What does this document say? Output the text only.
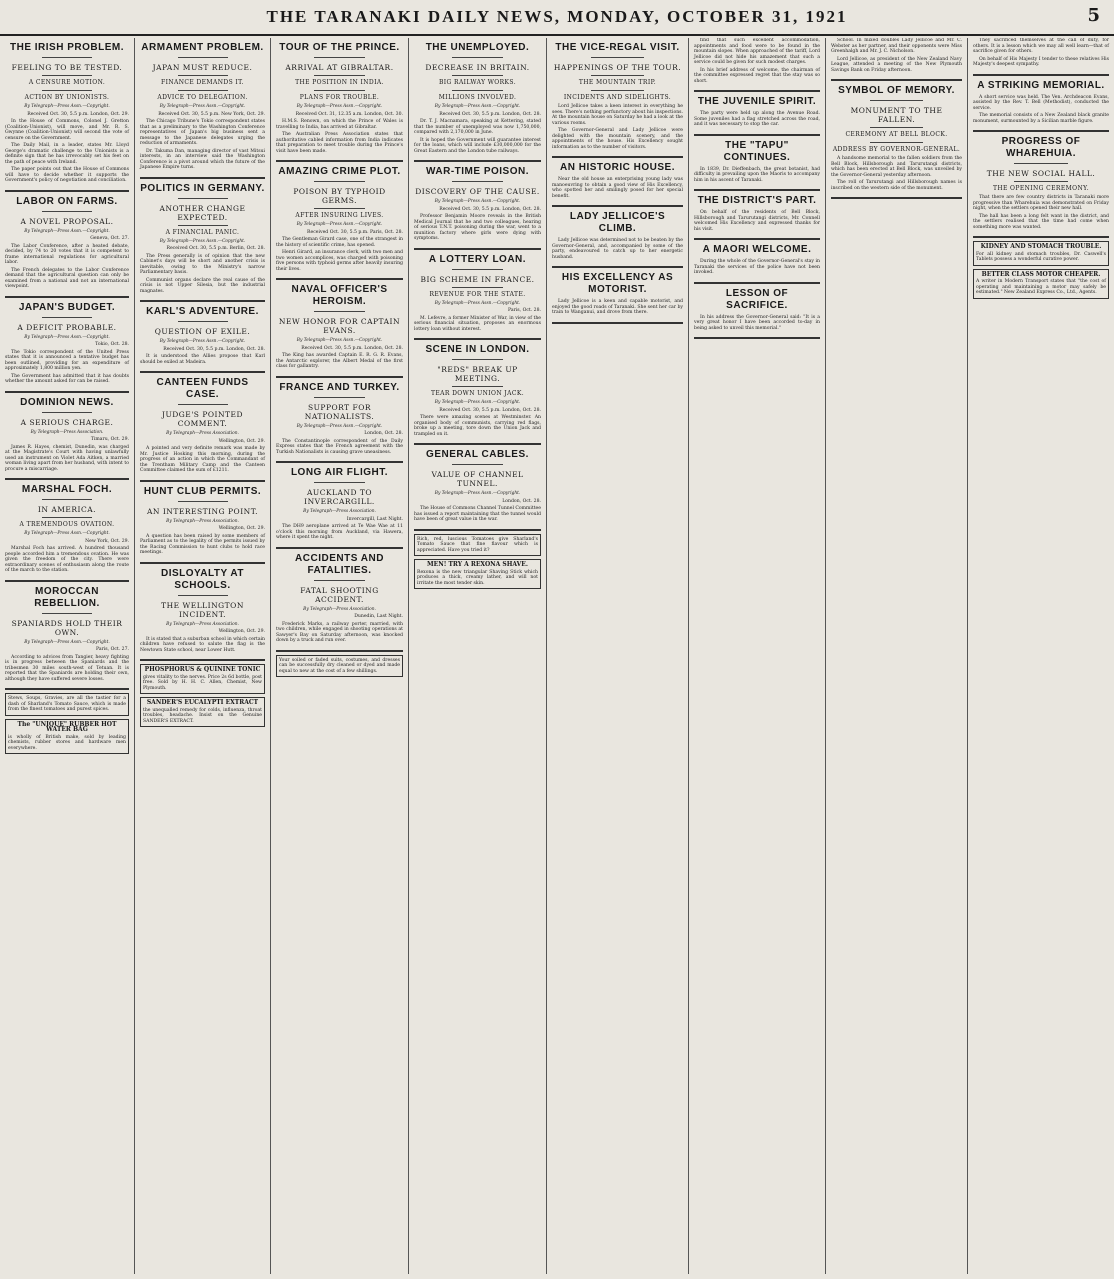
THE TARANAKI DAILY NEWS, MONDAY, OCTOBER 31, 1921	5
THE IRISH PROBLEM.
FEELING TO BE TESTED.
A CENSURE MOTION.
ACTION BY UNIONISTS.
By Telegraph—Press Assn.—Copyright.
Received Oct. 30, 5.5 p.m. London, Oct. 29.

In the House of Commons, Colonel J. Gretton (Coalition-Unionist), will move, and Mr. R. S. Gwynne (Coalition-Unionist) will second the vote of censure on the Government.

The Daily Mail, in a leader, states Mr. Lloyd George's dramatic challenge to the Unionists is a definite sign that he has irrevocably set his feet on the path of peace with Ireland.

The paper points out that the House of Commons will have to decide whether it supports the Government's policy of negotiation and conciliation.

LABOR ON FARMS.
A NOVEL PROPOSAL.
By Telegraph—Press Assn.—Copyright.
Geneva, Oct. 27.

The Labor Conference, after a heated debate, decided, by 74 to 20 votes that it is competent to frame international regulations for agricultural labor.

The French delegates to the Labor Conference demand that the agricultural question can only be examined from a national and not an international viewpoint.

JAPAN'S BUDGET.
A DEFICIT PROBABLE.
By Telegraph—Press Assn.—Copyright.
Tokio, Oct. 28.

The Tokio correspondent of the United Press states that it is announced a tentative budget has been outlined, providing for an expenditure of approximately 1,800 million yen.

The Government has admitted that it has doubts whether the amount asked for can be raised.

DOMINION NEWS.
A SERIOUS CHARGE.
By Telegraph—Press Association.
Timaru, Oct. 29.

James R. Hayes, chemist, Dunedin, was charged at the Magistrate's Court with having unlawfully used an instrument on Violet Ada Aitken, a married woman living apart from her husband, with intent to procure a miscarriage.

MARSHAL FOCH.
IN AMERICA.
A TREMENDOUS OVATION.
By Telegraph—Press Assn.—Copyright.
New York, Oct. 29.

Marshal Foch has arrived. A hundred thousand people accorded him a tremendous ovation. He was given the freedom of the city. There were extraordinary scenes of enthusiasm along the route of the march to the station.

MOROCCAN REBELLION.
SPANIARDS HOLD THEIR OWN.
By Telegraph—Press Assn.—Copyright.
Paris, Oct. 27.

According to advices from Tangier, heavy fighting is in progress between the Spaniards and the tribesmen 30 miles south-west of Tetuan. It is reported that the Spaniards are holding their own, although they have suffered severe losses.

Stews, Soups, Gravies, are all the tastier for a dash of Sharland's Tomato Sauce, which is made from the finest tomatoes and purest spices.
The "UNIQUE" RUBBER HOT WATER BAG
is wholly of British make, sold by leading chemists, rubber stores and hardware men everywhere.
ARMAMENT PROBLEM.
JAPAN MUST REDUCE.
FINANCE DEMANDS IT.
ADVICE TO DELEGATION.
By Telegraph—Press Assn.—Copyright.
Received Oct. 30, 5.5 p.m. New York, Oct. 29.

The Chicago Tribune's Tokio correspondent states that as a preliminary to the Washington Conference representatives of Japan's big business sent a message to the Japanese delegates urging the reduction of armaments.

Dr. Takuma Dan, managing director of vast Mitsui interests, in an interview said the Washington Conference is a pivot around which the future of the Japanese Empire turns.

POLITICS IN GERMANY.
ANOTHER CHANGE EXPECTED.
A FINANCIAL PANIC.
By Telegraph—Press Assn.—Copyright.
Received Oct. 30, 5.5 p.m. Berlin, Oct. 28.

The Press generally is of opinion that the new Cabinet's days will be short and another crisis is inevitable, owing to the Ministry's narrow Parliamentary basis.

Communist organs declare the real cause of the crisis is not Upper Silesia, but the industrial magnates.

KARL'S ADVENTURE.
QUESTION OF EXILE.
By Telegraph—Press Assn.—Copyright.
Received Oct. 30, 5.5 p.m. London, Oct. 28.

It is understood the Allies propose that Karl should be exiled at Madeira.

CANTEEN FUNDS CASE.
JUDGE'S POINTED COMMENT.
By Telegraph—Press Association.
Wellington, Oct. 29.

A pointed and very definite remark was made by Mr. Justice Hosking this morning, during the progress of an action in which the Commandant of the Trentham Military Camp and the Canteen Committee claimed the sum of £1211.

HUNT CLUB PERMITS.
AN INTERESTING POINT.
By Telegraph—Press Association.
Wellington, Oct. 29.

A question has been raised by some members of Parliament as to the legality of the permits issued by the Racing Commission to hunt clubs to hold race meetings.

DISLOYALTY AT SCHOOLS.
THE WELLINGTON INCIDENT.
By Telegraph—Press Association.
Wellington, Oct. 29.

It is stated that a suburban school in which certain children have refused to salute the flag is the Newtown State school, near Lower Hutt.

PHOSPHORUS & QUININE TONIC
gives vitality to the nerves. Price 2s 6d bottle, post free. Sold by H. H. C. Allen, Chemist, New Plymouth.
SANDER'S EUCALYPTI EXTRACT
the unequalled remedy for colds, influenza, throat troubles, headache. Insist on the Genuine SANDER'S EXTRACT.
TOUR OF THE PRINCE.
ARRIVAL AT GIBRALTAR.
THE POSITION IN INDIA.
PLANS FOR TROUBLE.
By Telegraph—Press Assn.—Copyright.
Received Oct. 31, 12.35 a.m. London, Oct. 30.

H.M.S. Renown, on which the Prince of Wales is travelling to India, has arrived at Gibraltar.

The Australian Press Association states that authoritative cabled information from India indicates that preparation to meet trouble during the Prince's visit have been made.

AMAZING CRIME PLOT.
POISON BY TYPHOID GERMS.
AFTER INSURING LIVES.
By Telegraph—Press Assn.—Copyright.
Received Oct. 30, 5.5 p.m. Paris, Oct. 28.

The Gentleman Girard case, one of the strangest in the history of scientific crime, has opened.

Henri Girard, an insurance clerk, with two men and two women accomplices, was charged with poisoning five persons with typhoid germs after heavily insuring their lives.

NAVAL OFFICER'S HEROISM.
NEW HONOR FOR CAPTAIN EVANS.
By Telegraph—Press Assn.—Copyright.
Received Oct. 30, 5.5 p.m. London, Oct. 28.

The King has awarded Captain E. R. G. R. Evans, the Antarctic explorer, the Albert Medal of the first class for gallantry.

FRANCE AND TURKEY.
SUPPORT FOR NATIONALISTS.
By Telegraph—Press Assn.—Copyright.
London, Oct. 28.

The Constantinople correspondent of the Daily Express states that the French agreement with the Turkish Nationalists is causing grave uneasiness.

LONG AIR FLIGHT.
AUCKLAND TO INVERCARGILL.
By Telegraph—Press Association.
Invercargill, Last Night.

The DH9 aeroplane arrived at Te Wae Wae at 11 o'clock this morning from Auckland, via Hawera, where it spent the night.

ACCIDENTS AND FATALITIES.
FATAL SHOOTING ACCIDENT.
By Telegraph—Press Association.
Dunedin, Last Night.

Frederick Marks, a railway porter, married, with two children, while engaged in shooting operations at Sawyer's Bay on Saturday afternoon, was knocked down by a truck and run over.

Your soiled or faded suits, costumes, and dresses can be successfully dry cleaned or dyed and made equal to new at the cost of a few shillings.
THE UNEMPLOYED.
DECREASE IN BRITAIN.
BIG RAILWAY WORKS.
MILLIONS INVOLVED.
By Telegraph—Press Assn.—Copyright.
Received Oct. 30, 5.5 p.m. London, Oct. 28.

Dr. T. J. Macnamara, speaking at Kettering, stated that the number of unemployed was now 1,750,000, compared with 2,170,000 in June.

It is hoped the Government will guarantee interest for the loans, which will include £30,000,000 for the Great Eastern and the London tube railways.

WAR-TIME POISON.
DISCOVERY OF THE CAUSE.
By Telegraph—Press Assn.—Copyright.
Received Oct. 30, 5.5 p.m. London, Oct. 28.

Professor Benjamin Moore reveals in the British Medical Journal that he and two colleagues, hearing of serious T.N.T. poisoning during the war, went to a munition factory where girls were dying with symptoms.

A LOTTERY LOAN.
BIG SCHEME IN FRANCE.
REVENUE FOR THE STATE.
By Telegraph—Press Assn.—Copyright.
Paris, Oct. 28.

M. Lefevre, a former Minister of War, in view of the serious financial situation, proposes an enormous lottery loan without interest.

SCENE IN LONDON.
"REDS" BREAK UP MEETING.
TEAR DOWN UNION JACK.
By Telegraph—Press Assn.—Copyright.
Received Oct. 30, 5.5 p.m. London, Oct. 28.

There were amazing scenes at Westminster. An organised body of communists, carrying red flags, broke up a meeting, tore down the Union Jack and trampled on it.

GENERAL CABLES.
VALUE OF CHANNEL TUNNEL.
By Telegraph—Press Assn.—Copyright.
London, Oct. 28.

The House of Commons Channel Tunnel Committee has issued a report maintaining that the tunnel would have been of great value in the war.

Rich, red, luscious Tomatoes give Sharland's Tomato Sauce that fine flavour which is appreciated. Have you tried it?
MEN! TRY A REXONA SHAVE.
Rexona is the new triangular Shaving Stick which produces a thick, creamy lather, and will not irritate the most tender skin.
THE VICE-REGAL VISIT.
HAPPENINGS OF THE TOUR.
THE MOUNTAIN TRIP.
INCIDENTS AND SIDELIGHTS.

Lord Jellicoe takes a keen interest in everything he sees. There's nothing perfunctory about his inspections. At the mountain house on Saturday he had a look at the various rooms.

The Governor-General and Lady Jellicoe were delighted with the mountain scenery, and the appointments of the house. His Excellency sought information as to the number of visitors.

AN HISTORIC HOUSE.

Near the old house an enterprising young lady was manoeuvring to obtain a good view of His Excellency, who spotted her and smilingly posed for her special benefit.

LADY JELLICOE'S CLIMB.

Lady Jellicoe was determined not to be beaten by the Governor-General, and, accompanied by some of the party, endeavoured to catch up to her energetic husband.

HIS EXCELLENCY AS MOTORIST.

Lady Jellicoe is a keen and capable motorist, and enjoyed the good roads of Taranaki. She sent her car by train to Wanganui, and drove from there.

find that such excellent accommodation, appointments and food were to be found in the mountain slopes. When approached of the tariff, Lord Jellicoe did not hide his amazement that such a service could be given for such modest charges.

In his brief address of welcome, the chairman of the committee expressed regret that the stay was so short.

THE JUVENILE SPIRIT.

The party were held up along the Avenue Road. Some juveniles had a flag stretched across the road, and it was necessary to stop the car.

THE "TAPU" CONTINUES.

In 1839, Dr. Dieffenbach, the great botanist, had difficulty in prevailing upon the Maoris to accompany him in his ascent of Taranaki.

THE DISTRICT'S PART.

On behalf of the residents of Bell Block, Hillsborough and Tarurutangi districts, Mr. Connell welcomed His Excellency and expressed thanks for his visit.

A MAORI WELCOME.

During the whole of the Governor-General's stay in Taranaki the services of the police have not been invoked.

LESSON OF SACRIFICE.

In his address the Governor-General said: "It is a very great honor I have been accorded to-day in being asked to unveil this memorial."

School. In mixed doubles Lady Jellicoe and Mr. C. Webster as her partner, and their opponents were Miss Greenhalgh and Mr. J. C. Nicholson.

Lord Jellicoe, as president of the New Zealand Navy League, attended a meeting of the New Plymouth Savings Bank on Friday afternoon.

SYMBOL OF MEMORY.
MONUMENT TO THE FALLEN.
CEREMONY AT BELL BLOCK.
ADDRESS BY GOVERNOR-GENERAL.

A handsome memorial to the fallen soldiers from the Bell Block, Hillsborough and Tarurutangi districts, which has been erected at Bell Block, was unveiled by the Governor-General yesterday afternoon.

The roll of Tarurutangi and Hillsborough names is inscribed on the western side of the monument.

They sacrificed themselves at the call of duty, for others. It is a lesson which we may all well learn—that of sacrifice given for others.

On behalf of His Majesty I tender to these relatives His Majesty's deepest sympathy.

A STRIKING MEMORIAL.

A short service was held. The Ven. Archdeacon Evans, assisted by the Rev. T. Bell (Methodist), conducted the service.

The memorial consists of a New Zealand black granite monument, surmounted by a Sicilian marble figure.

PROGRESS OF WHAREHUIA.
THE NEW SOCIAL HALL.
THE OPENING CEREMONY.

That there are few country districts in Taranaki more progressive than Wharehuia was demonstrated on Friday night, when the settlers opened their new hall.

The hall has been a long felt want in the district, and the settlers realised that the time had come when something more was wanted.

KIDNEY AND STOMACH TROUBLE.
For all kidney and stomach troubles, Dr. Caswell's Tablets possess a wonderful curative power.
BETTER CLASS MOTOR CHEAPER.
A writer in Modern Transport states that "the cost of operating and maintaining a motor may safely be estimated." New Zealand Express Co., Ltd., Agents.
